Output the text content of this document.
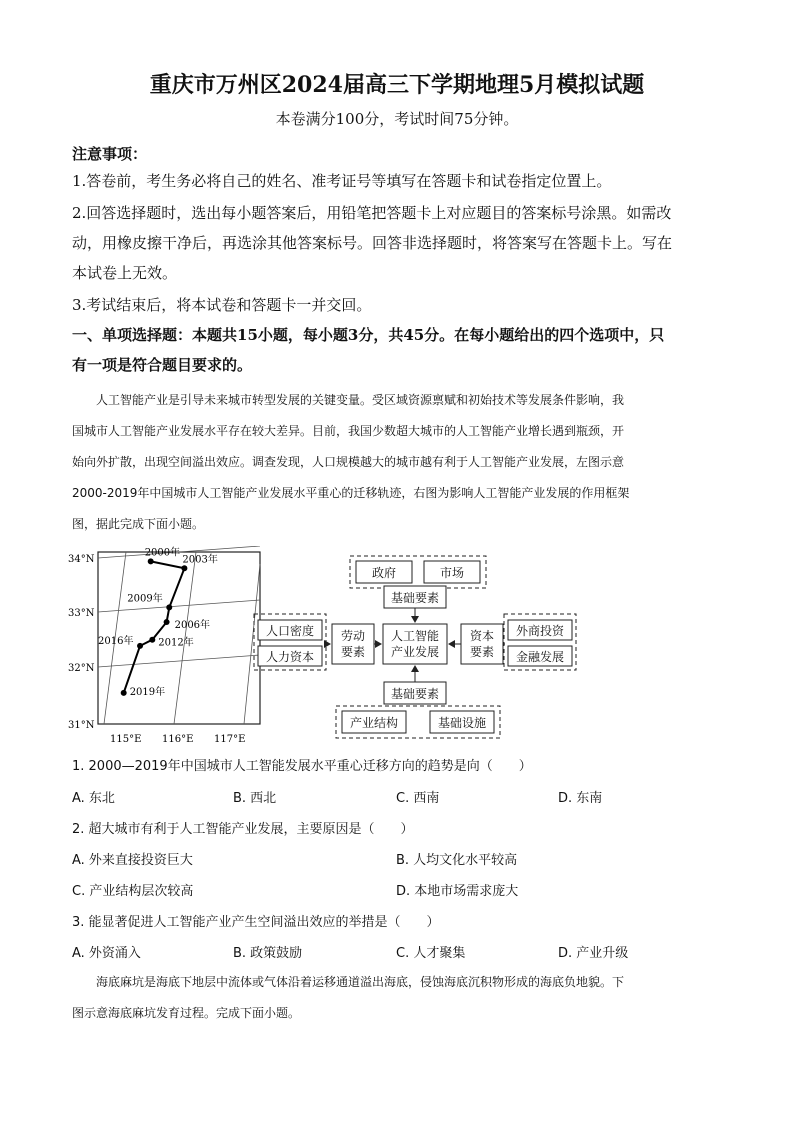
重庆市万州区2024届高三下学期地理5月模拟试题
本卷满分100分，考试时间75分钟。
注意事项：
1.答卷前，考生务必将自己的姓名、准考证号等填写在答题卡和试卷指定位置上。
2.回答选择题时，选出每小题答案后，用铅笔把答题卡上对应题目的答案标号涂黑。如需改
动，用橡皮擦干净后，再选涂其他答案标号。回答非选择题时，将答案写在答题卡上。写在
本试卷上无效。
3.考试结束后，将本试卷和答题卡一并交回。
一、单项选择题：本题共15小题，每小题3分，共45分。在每小题给出的四个选项中，只
有一项是符合题目要求的。
人工智能产业是引导未来城市转型发展的关键变量。受区域资源禀赋和初始技术等发展条件影响，我
国城市人工智能产业发展水平存在较大差异。目前，我国少数超大城市的人工智能产业增长遇到瓶颈，开
始向外扩散，出现空间溢出效应。调查发现，人口规模越大的城市越有利于人工智能产业发展，左图示意
2000-2019年中国城市人工智能产业发展水平重心的迁移轨迹，右图为影响人工智能产业发展的作用框架
图，据此完成下面小题。
34°N
33°N
32°N
31°N
115°E 116°E 117°E
2000年
2003年
2009年
2006年
2012年
2016年
2019年
政府	市场
基础要素
人口密度
人力资本
劳动
要素
人工智能
产业发展
资本
要素
外商投资
金融发展
基础要素
产业结构	基础设施
1. 2000—2019年中国城市人工智能发展水平重心迁移方向的趋势是向（　　）
A. 东北	B. 西北	C. 西南	D. 东南
2. 超大城市有利于人工智能产业发展，主要原因是（　　）
A. 外来直接投资巨大	B. 人均文化水平较高
C. 产业结构层次较高	D. 本地市场需求庞大
3. 能显著促进人工智能产业产生空间溢出效应的举措是（　　）
A. 外资涌入	B. 政策鼓励	C. 人才聚集	D. 产业升级
海底麻坑是海底下地层中流体或气体沿着运移通道溢出海底，侵蚀海底沉积物形成的海底负地貌。下
图示意海底麻坑发育过程。完成下面小题。
